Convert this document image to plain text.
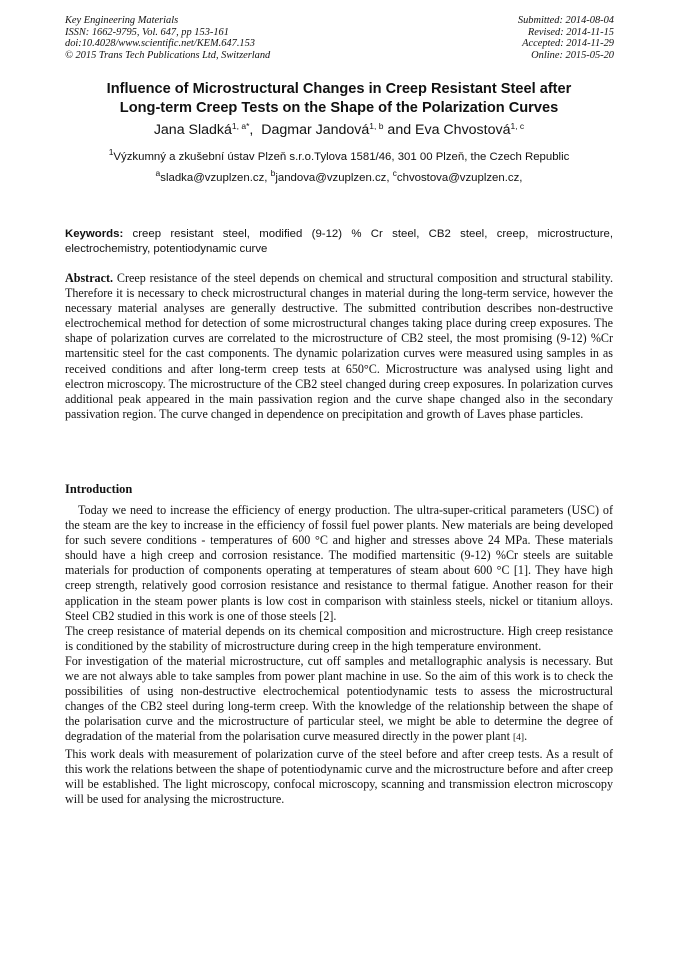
Key Engineering Materials
ISSN: 1662-9795, Vol. 647, pp 153-161
doi:10.4028/www.scientific.net/KEM.647.153
© 2015 Trans Tech Publications Ltd, Switzerland
Submitted: 2014-08-04
Revised: 2014-11-15
Accepted: 2014-11-29
Online: 2015-05-20
Influence of Microstructural Changes in Creep Resistant Steel after
Long-term Creep Tests on the Shape of the Polarization Curves
Jana Sladká$^{1, a*}$,  Dagmar Jandová$^{1, b}$ and Eva Chvostová$^{1, c}$
$^1$Výzkumný a zkušební ústav Plzeň s.r.o.Tylova 1581/46, 301 00 Plzeň, the Czech Republic
$^a$sladka@vzuplzen.cz, $^b$jandova@vzuplzen.cz, $^c$chvostova@vzuplzen.cz,
Keywords: creep resistant steel, modified (9-12) % Cr steel, CB2 steel, creep, microstructure, electrochemistry, potentiodynamic curve
Abstract. Creep resistance of the steel depends on chemical and structural composition and structural stability. Therefore it is necessary to check microstructural changes in material during the long-term service, however the necessary material analyses are generally destructive. The submitted contribution describes non-destructive electrochemical method for detection of some microstructural changes taking place during creep exposures. The shape of polarization curves are correlated to the microstructure of CB2 steel, the most promising (9-12) %Cr martensitic steel for the cast components. The dynamic polarization curves were measured using samples in as received conditions and after long-term creep tests at 650°C. Microstructure was analysed using light and electron microscopy. The microstructure of the CB2 steel changed during creep exposures. In polarization curves additional peak appeared in the main passivation region and the curve shape changed also in the secondary passivation region. The curve changed in dependence on precipitation and growth of Laves phase particles.
Introduction

Today we need to increase the efficiency of energy production. The ultra-super-critical parameters (USC) of the steam are the key to increase in the efficiency of fossil fuel power plants. New materials are being developed for such severe conditions - temperatures of 600 °C and higher and stresses above 24 MPa. These materials should have a high creep and corrosion resistance. The modified martensitic (9-12) %Cr steels are suitable materials for production of components operating at temperatures of steam about 600 °C [1]. They have high creep strength, relatively good corrosion resistance and resistance to thermal fatigue. Another reason for their application in the steam power plants is low cost in comparison with stainless steels, nickel or titanium alloys. Steel CB2 studied in this work is one of those steels [2].

The creep resistance of material depends on its chemical composition and microstructure. High creep resistance is conditioned by the stability of microstructure during creep in the high temperature environment.

For investigation of the material microstructure, cut off samples and metallographic analysis is necessary. But we are not always able to take samples from power plant machine in use. So the aim of this work is to check the possibilities of using non-destructive electrochemical potentiodynamic tests to assess the microstructural changes of the CB2 steel during long-term creep. With the knowledge of the relationship between the shape of the polarisation curve and the microstructure of particular steel, we might be able to determine the degree of degradation of the material from the polarisation curve measured directly in the power plant [4].

This work deals with measurement of polarization curve of the steel before and after creep tests. As a result of this work the relations between the shape of potentiodynamic curve and the microstructure before and after creep will be established. The light microscopy, confocal microscopy, scanning and transmission electron microscopy will be used for analysing the microstructure.
